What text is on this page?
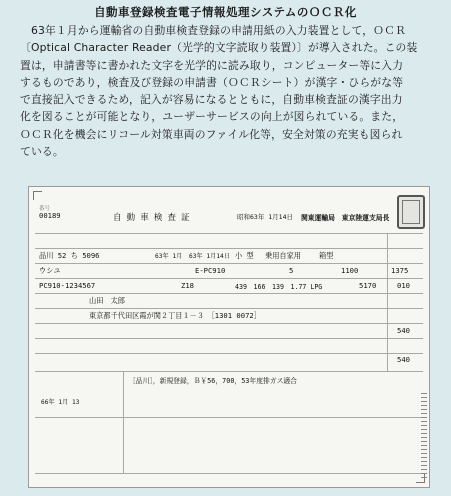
自動車登録検査電子情報処理システムのＯＣＲ化
　63年１月から運輸省の自動車検査登録の申請用紙の入力装置として，ＯＣＲ
〔Optical Character Reader（光学的文字読取り装置）〕が導入された。この装
置は，申請書等に書かれた文字を光学的に読み取り，コンピューター等に入力
するものであり，検査及び登録の申請書（ＯＣＲシート）が漢字・ひらがな等
で直接記入できるため，記入が容易になるとともに，自動車検査証の漢字出力
化を図ることが可能となり，ユーザーサービスの向上が図られている。また，
ＯＣＲ化を機会にリコール対策車両のファイル化等，安全対策の充実も図られ
ている。
番号
00189	自 動 車 検 査 証	昭和63年 1月14日 関東運輸局　東京陸運支局長
品川 52 ち 5096	63年 1月 63年 1月14日 小 型 乗用自家用	箱型
ウシユ	E-PC910	5	1100	1375
PC910-1234567	Z18	439　166　139　1.77 LPG	5170	010
山田　太郎
東京都千代田区霞が関２丁目１－３　［1301 0072］
540
540
［品川］，新規登録，Ｂ￥56，700，53年度排ガス適合
66年 1月 13
